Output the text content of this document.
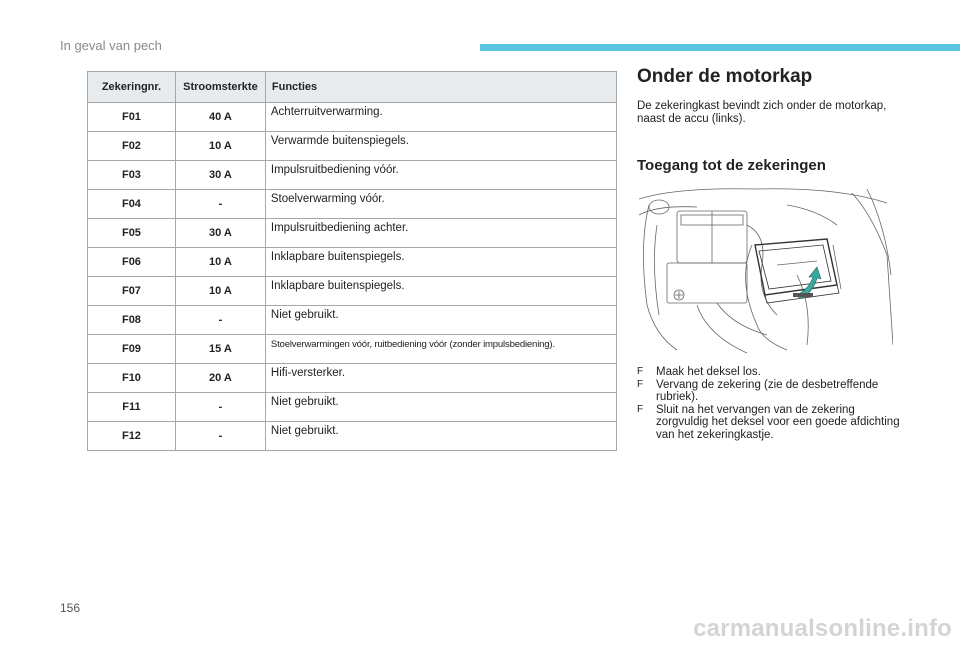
In geval van pech
Zekeringnr.	Stroomsterkte	Functies
F01	40 A	Achterruitverwarming.
F02	10 A	Verwarmde buitenspiegels.
F03	30 A	Impulsruitbediening vóór.
F04	-	Stoelverwarming vóór.
F05	30 A	Impulsruitbediening achter.
F06	10 A	Inklapbare buitenspiegels.
F07	10 A	Inklapbare buitenspiegels.
F08	-	Niet gebruikt.
F09	15 A	Stoelverwarmingen vóór, ruitbediening vóór (zonder impulsbediening).
F10	20 A	Hifi-versterker.
F11	-	Niet gebruikt.
F12	-	Niet gebruikt.
Onder de motorkap

De zekeringkast bevindt zich onder de motorkap, naast de accu (links).

Toegang tot de zekeringen
F Maak het deksel los.
F Vervang de zekering (zie de desbetreffende rubriek).
F Sluit na het vervangen van de zekering zorgvuldig het deksel voor een goede afdichting van het zekeringkastje.
156
carmanualsonline.info
